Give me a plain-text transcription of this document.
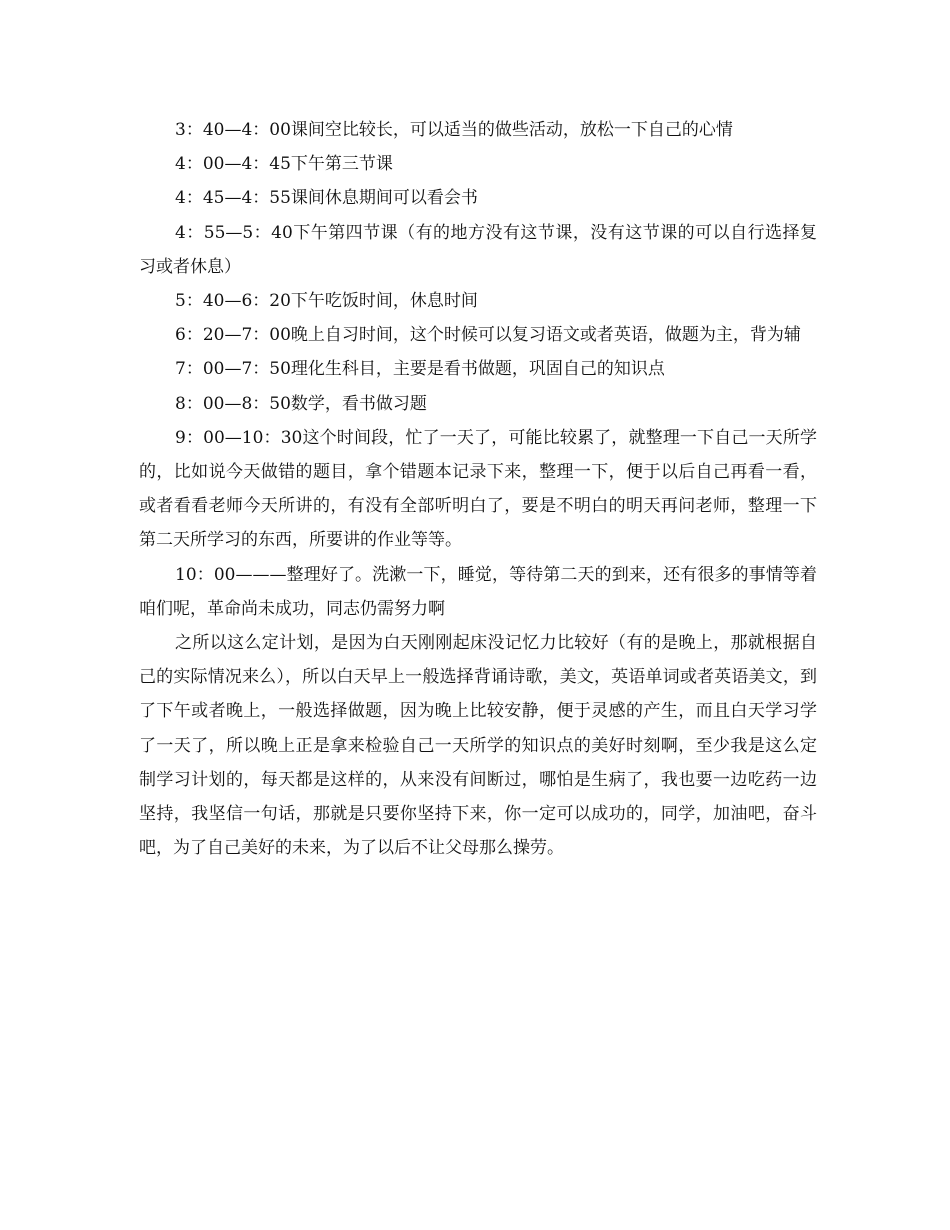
3：40—4：00课间空比较长，可以适当的做些活动，放松一下自己的心情

4：00—4：45下午第三节课

4：45—4：55课间休息期间可以看会书

4：55—5：40下午第四节课（有的地方没有这节课，没有这节课的可以自行选择复习或者休息）

5：40—6：20下午吃饭时间，休息时间

6：20—7：00晚上自习时间，这个时候可以复习语文或者英语，做题为主，背为辅

7：00—7：50理化生科目，主要是看书做题，巩固自己的知识点

8：00—8：50数学，看书做习题

9：00—10：30这个时间段，忙了一天了，可能比较累了，就整理一下自己一天所学的，比如说今天做错的题目，拿个错题本记录下来，整理一下，便于以后自己再看一看，或者看看老师今天所讲的，有没有全部听明白了，要是不明白的明天再问老师，整理一下第二天所学习的东西，所要讲的作业等等。

10：00———整理好了。洗漱一下，睡觉，等待第二天的到来，还有很多的事情等着咱们呢，革命尚未成功，同志仍需努力啊

之所以这么定计划，是因为白天刚刚起床没记忆力比较好（有的是晚上，那就根据自己的实际情况来么），所以白天早上一般选择背诵诗歌，美文，英语单词或者英语美文，到了下午或者晚上，一般选择做题，因为晚上比较安静，便于灵感的产生，而且白天学习学了一天了，所以晚上正是拿来检验自己一天所学的知识点的美好时刻啊，至少我是这么定制学习计划的，每天都是这样的，从来没有间断过，哪怕是生病了，我也要一边吃药一边坚持，我坚信一句话，那就是只要你坚持下来，你一定可以成功的，同学，加油吧，奋斗吧，为了自己美好的未来，为了以后不让父母那么操劳。
